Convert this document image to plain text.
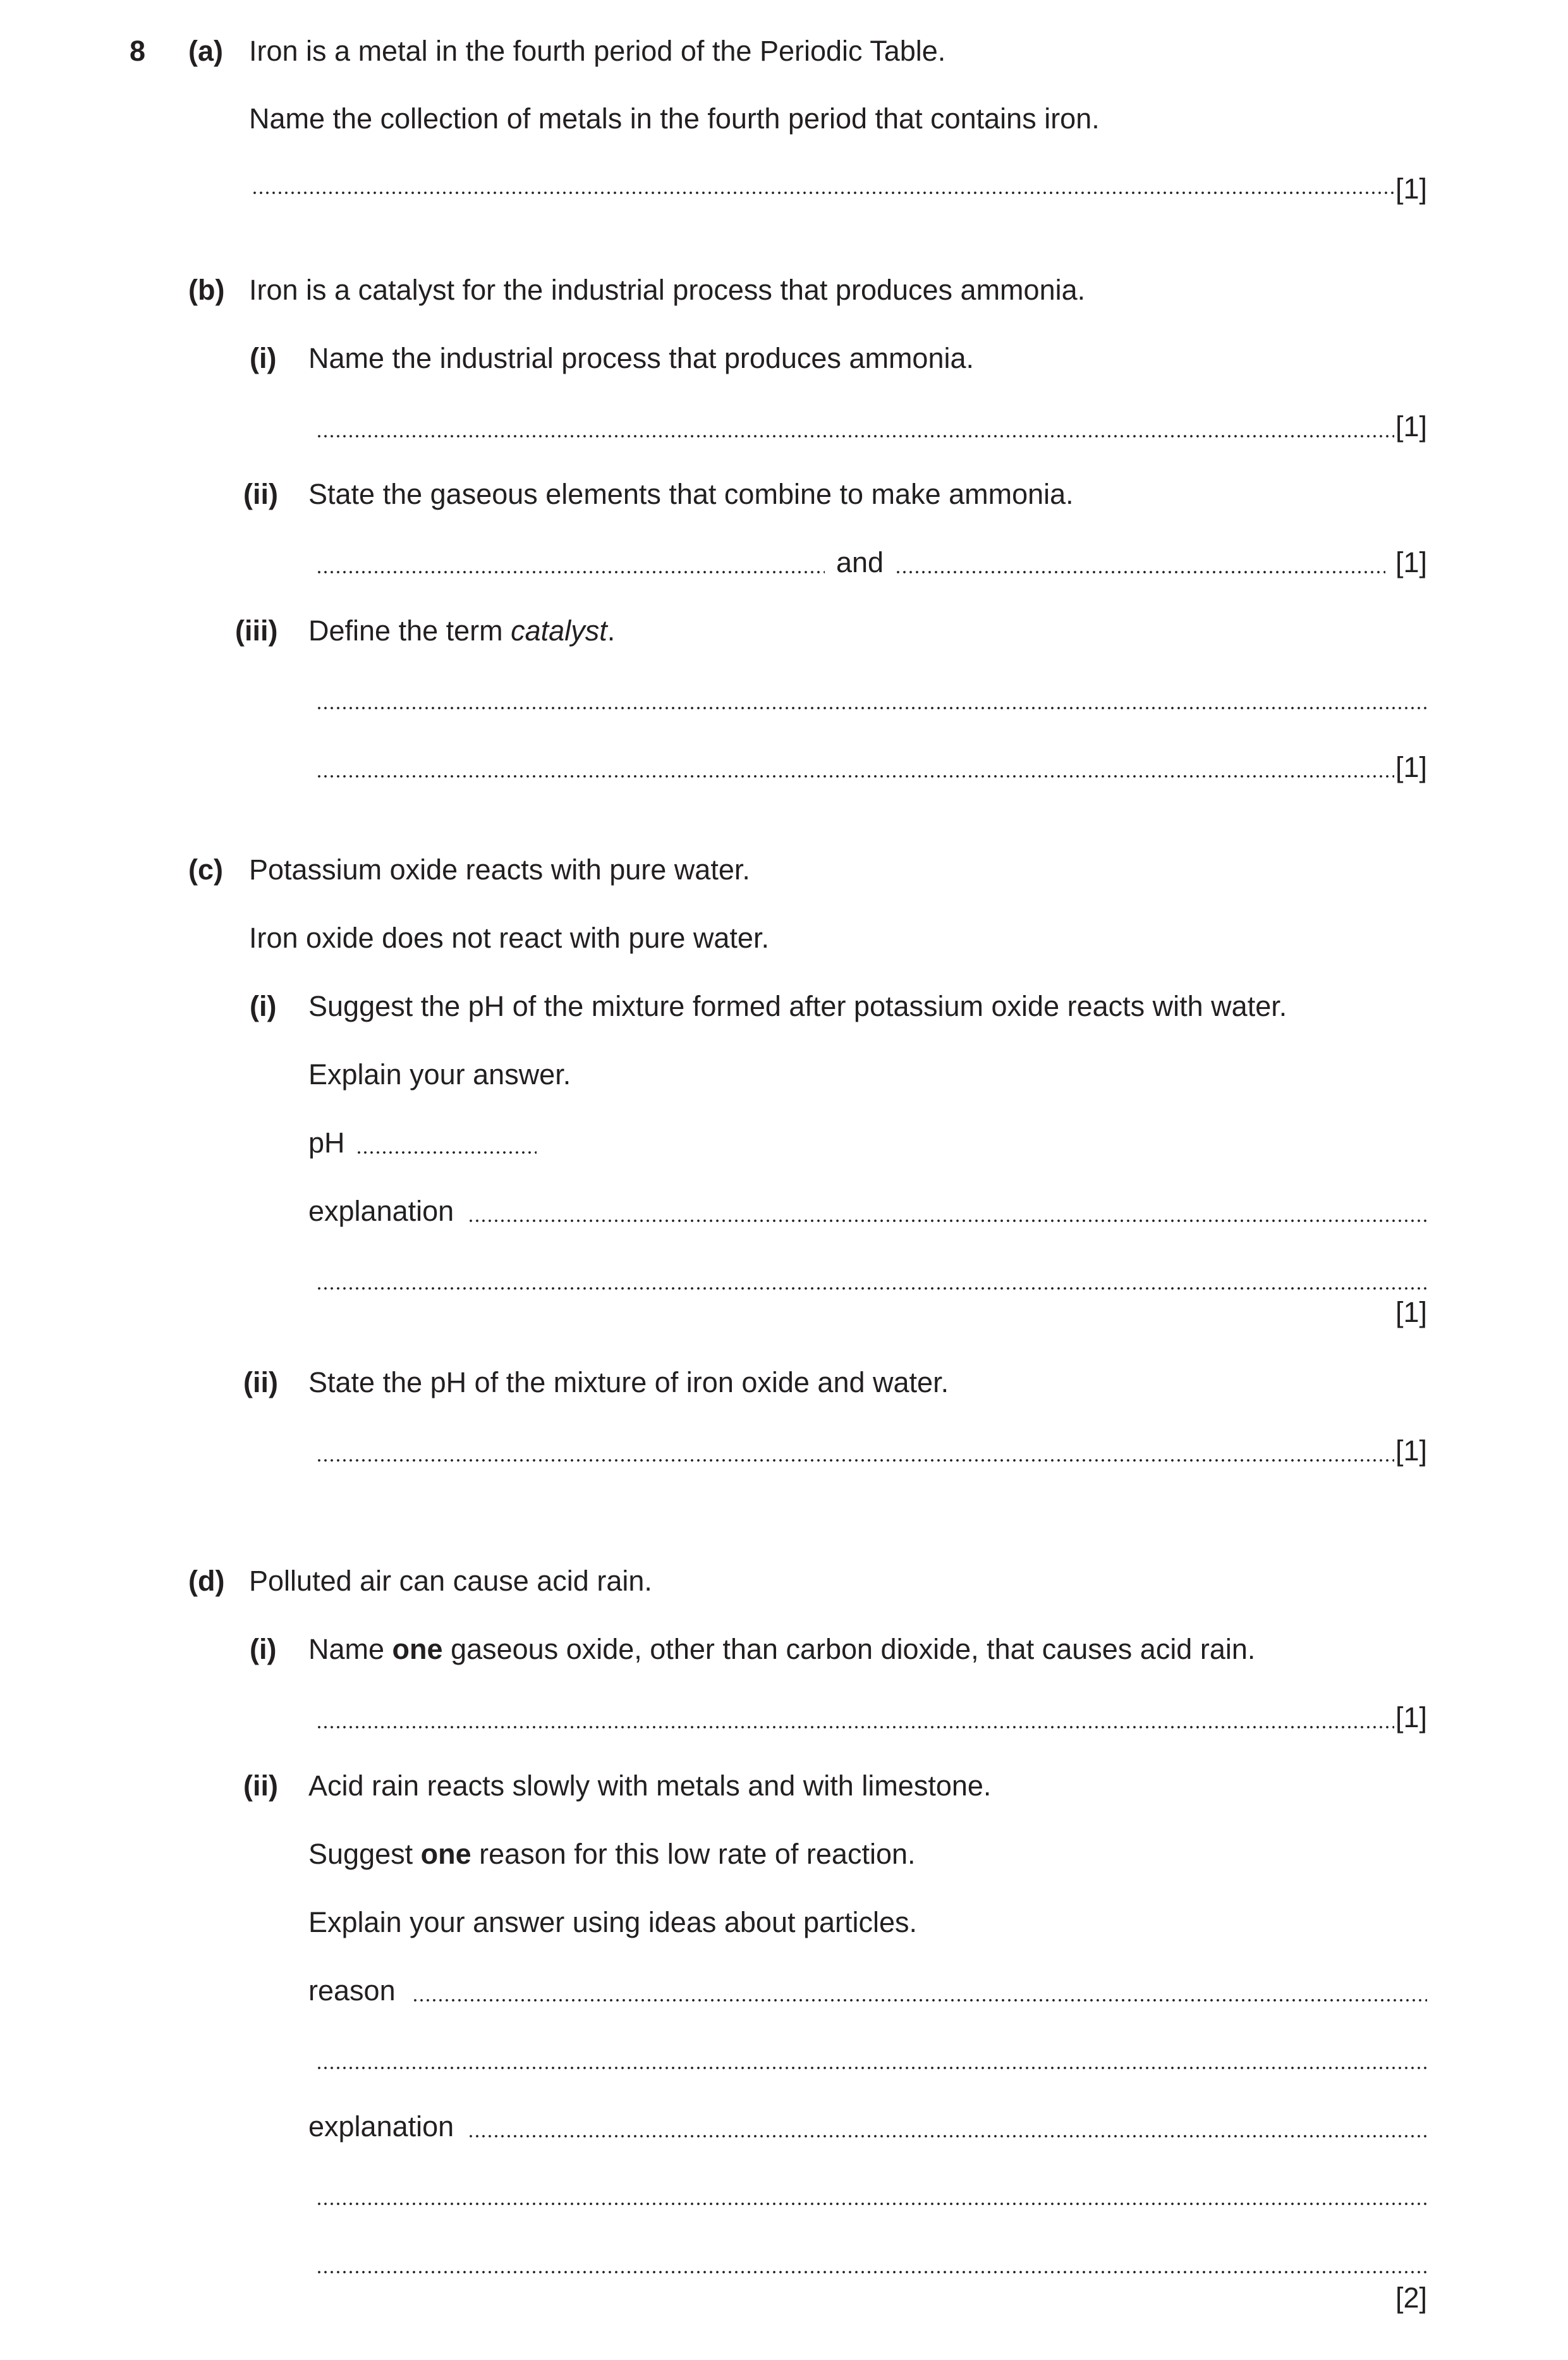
8 (a) Iron is a metal in the fourth period of the Periodic Table.
Name the collection of metals in the fourth period that contains iron.
[1]
(b) Iron is a catalyst for the industrial process that produces ammonia.
(i) Name the industrial process that produces ammonia.
[1]
(ii) State the gaseous elements that combine to make ammonia.
and	[1]
(iii) Define the term catalyst.
[1]
(c) Potassium oxide reacts with pure water.
Iron oxide does not react with pure water.
(i) Suggest the pH of the mixture formed after potassium oxide reacts with water.
Explain your answer.
pH
explanation
[1]
(ii) State the pH of the mixture of iron oxide and water.
[1]
(d) Polluted air can cause acid rain.
(i) Name one gaseous oxide, other than carbon dioxide, that causes acid rain.
[1]
(ii) Acid rain reacts slowly with metals and with limestone.
Suggest one reason for this low rate of reaction.
Explain your answer using ideas about particles.
reason
explanation
[2]
